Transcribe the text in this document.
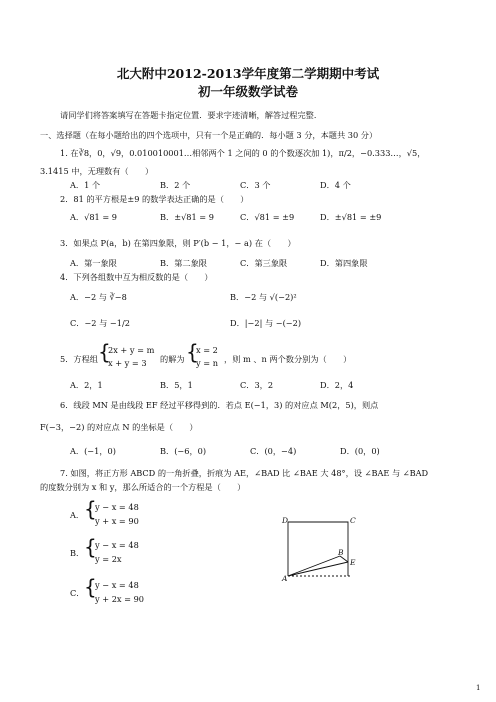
北大附中2012-2013学年度第二学期期中考试
初一年级数学试卷
请同学们将答案填写在答题卡指定位置．要求字迹清晰，解答过程完整．
一、选择题（在每小题给出的四个选项中，只有一个是正确的．每小题 3 分，本题共 30 分）
1. 在∛8，0，√9，0.010010001…相邻两个 1 之间的 0 的个数逐次加 1)，π/2，−0.333…，√5，
3.1415 中，无理数有（　　）
A．1 个	B．2 个	C．3 个	D．4 个
2．81 的平方根是±9 的数学表达正确的是（　　）
A．√81 = 9	B．±√81 = 9	C．√81 = ±9	D．±√81 = ±9
3．如果点 P(a，b) 在第四象限，则 P′(b − 1，− a) 在（　　）
A．第一象限	B．第二象限	C．第三象限	D．第四象限
4．下列各组数中互为相反数的是（　　）
A．−2 与 ∛−8	B．−2 与 √(−2)²
C．−2 与 −1/2	D．|−2| 与 −(−2)
5．方程组 {
2x + y = m
x + y = 3 的解为 {
x = 2
y = n ，则 m 、n 两个数分别为（　　）
A．2，1	B．5，1	C．3，2	D．2，4
6．线段 MN 是由线段 EF 经过平移得到的．若点 E(−1，3) 的对应点 M(2，5)，则点
F(−3，−2) 的对应点 N 的坐标是（　　）
A．(−1，0)	B．(−6，0)	C．(0，−4)	D．(0，0)
7. 如图，将正方形 ABCD 的一角折叠，折痕为 AE，∠BAD 比 ∠BAE 大 48°，设 ∠BAE 与 ∠BAD
的度数分别为 x 和 y，那么所适合的一个方程是（　　）
A． {
y − x = 48
y + x = 90
B． {
y − x = 48
y = 2x
C． {
y − x = 48
y + 2x = 90
D	C
B
E
A
1
